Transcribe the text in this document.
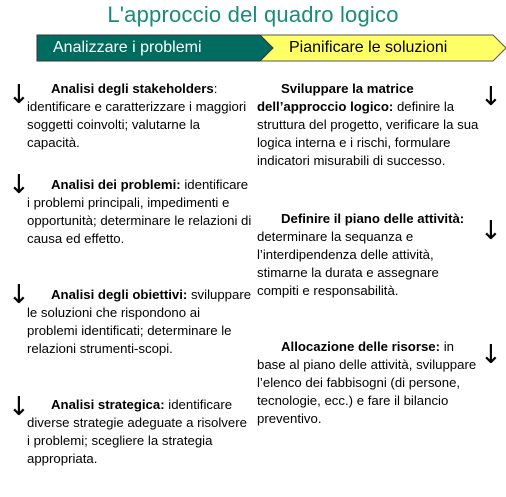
L'approccio del quadro logico
Analizzare i problemi	Pianificare le soluzioni
↓
↓
↓
↓

Analisi degli stakeholders: identificare e caratterizzare i maggiori soggetti coinvolti; valutarne la capacità.

Analisi dei problemi: identificare i problemi principali, impedimenti e opportunità; determinare le relazioni di causa ed effetto.

Analisi degli obiettivi: sviluppare le soluzioni che rispondono ai problemi identificati; determinare le relazioni strumenti-scopi.

Analisi strategica: identificare diverse strategie adeguate a risolvere i problemi; scegliere la strategia appropriata.

↓
↓
↓

Sviluppare la matrice dell’approccio logico: definire la struttura del progetto, verificare la sua logica interna e i rischi, formulare indicatori misurabili di successo.

Definire il piano delle attività: determinare la sequanza e l’interdipendenza delle attività, stimarne la durata e assegnare compiti e responsabilità.

Allocazione delle risorse: in base al piano delle attività, sviluppare l’elenco dei fabbisogni (di persone, tecnologie, ecc.) e fare il bilancio preventivo.
